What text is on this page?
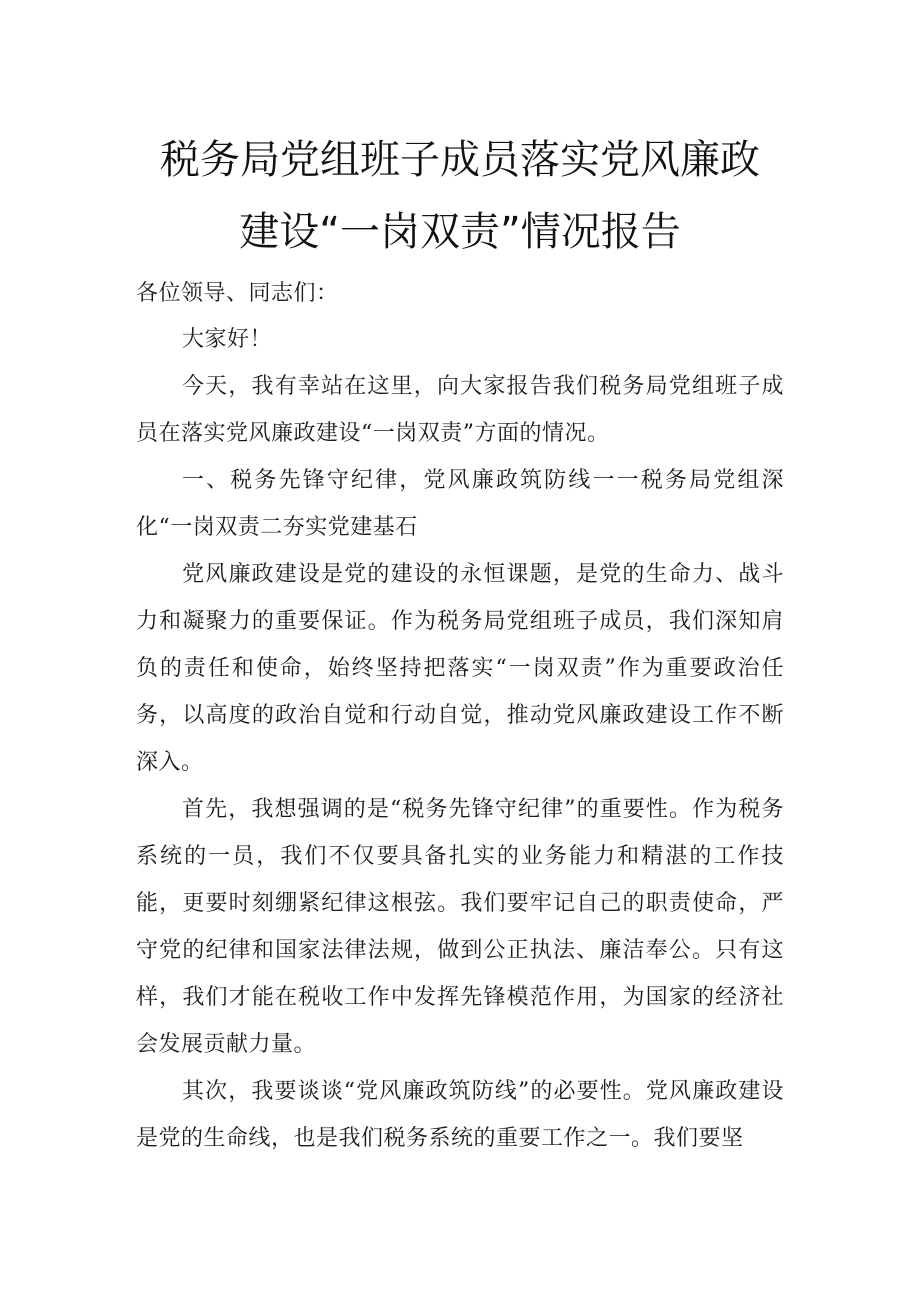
税务局党组班子成员落实党风廉政
建设“一岗双责”情况报告

各位领导、同志们：

大家好！

今天，我有幸站在这里，向大家报告我们税务局党组班子成员在落实党风廉政建设“一岗双责”方面的情况。

一、税务先锋守纪律，党风廉政筑防线一一税务局党组深化“一岗双责二夯实党建基石

党风廉政建设是党的建设的永恒课题，是党的生命力、战斗力和凝聚力的重要保证。作为税务局党组班子成员，我们深知肩负的责任和使命，始终坚持把落实“一岗双责”作为重要政治任务，以高度的政治自觉和行动自觉，推动党风廉政建设工作不断深入。

首先，我想强调的是“税务先锋守纪律”的重要性。作为税务系统的一员，我们不仅要具备扎实的业务能力和精湛的工作技能，更要时刻绷紧纪律这根弦。我们要牢记自己的职责使命，严守党的纪律和国家法律法规，做到公正执法、廉洁奉公。只有这样，我们才能在税收工作中发挥先锋模范作用，为国家的经济社会发展贡献力量。

其次，我要谈谈“党风廉政筑防线”的必要性。党风廉政建设是党的生命线，也是我们税务系统的重要工作之一。我们要坚
